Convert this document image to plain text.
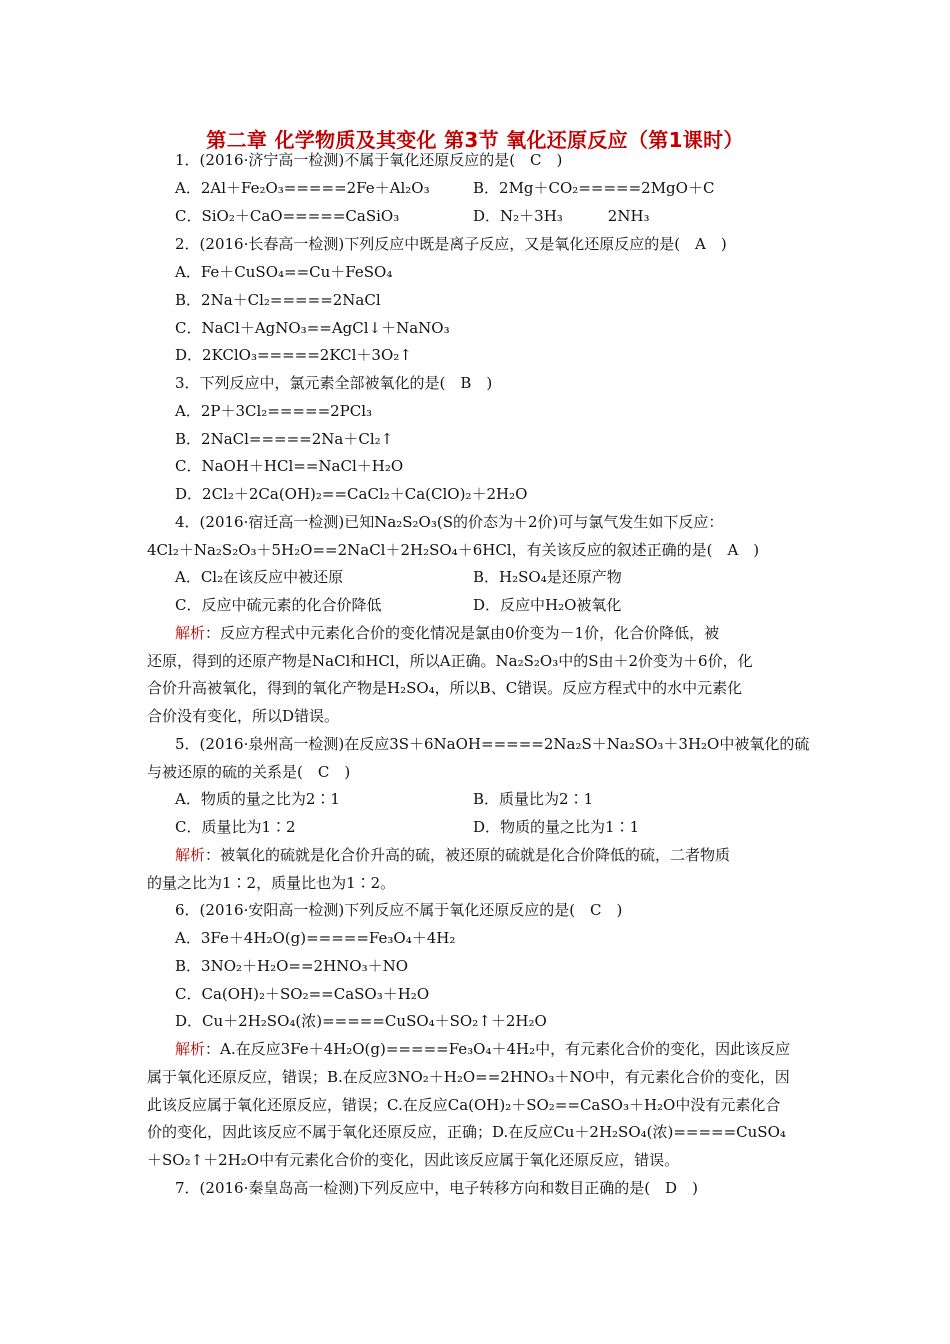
第二章 化学物质及其变化 第3节 氧化还原反应（第1课时）
1．(2016·济宁高一检测)不属于氧化还原反应的是(　C　)
A．2Al＋Fe₂O₃=====2Fe＋Al₂O₃	B．2Mg＋CO₂=====2MgO＋C
C．SiO₂＋CaO=====CaSiO₃	D．N₂＋3H₃　　　2NH₃
2．(2016·长春高一检测)下列反应中既是离子反应，又是氧化还原反应的是(　A　)
A．Fe＋CuSO₄==Cu＋FeSO₄
B．2Na＋Cl₂=====2NaCl
C．NaCl＋AgNO₃==AgCl↓＋NaNO₃
D．2KClO₃=====2KCl＋3O₂↑
3．下列反应中，氯元素全部被氧化的是(　B　)
A．2P＋3Cl₂=====2PCl₃
B．2NaCl=====2Na＋Cl₂↑
C．NaOH＋HCl==NaCl＋H₂O
D．2Cl₂＋2Ca(OH)₂==CaCl₂＋Ca(ClO)₂＋2H₂O
4．(2016·宿迁高一检测)已知Na₂S₂O₃(S的价态为＋2价)可与氯气发生如下反应：
4Cl₂＋Na₂S₂O₃＋5H₂O==2NaCl＋2H₂SO₄＋6HCl，有关该反应的叙述正确的是(　A　)
A．Cl₂在该反应中被还原	B．H₂SO₄是还原产物
C．反应中硫元素的化合价降低	D．反应中H₂O被氧化
解析：反应方程式中元素化合价的变化情况是氯由0价变为－1价，化合价降低，被
还原，得到的还原产物是NaCl和HCl，所以A正确。Na₂S₂O₃中的S由＋2价变为＋6价，化
合价升高被氧化，得到的氧化产物是H₂SO₄，所以B、C错误。反应方程式中的水中元素化
合价没有变化，所以D错误。
5．(2016·泉州高一检测)在反应3S＋6NaOH=====2Na₂S＋Na₂SO₃＋3H₂O中被氧化的硫
与被还原的硫的关系是(　C　)
A．物质的量之比为2∶1	B．质量比为2∶1
C．质量比为1∶2	D．物质的量之比为1∶1
解析：被氧化的硫就是化合价升高的硫，被还原的硫就是化合价降低的硫，二者物质
的量之比为1∶2，质量比也为1∶2。
6．(2016·安阳高一检测)下列反应不属于氧化还原反应的是(　C　)
A．3Fe＋4H₂O(g)=====Fe₃O₄＋4H₂
B．3NO₂＋H₂O==2HNO₃＋NO
C．Ca(OH)₂＋SO₂==CaSO₃＋H₂O
D．Cu＋2H₂SO₄(浓)=====CuSO₄＋SO₂↑＋2H₂O
解析：A.在反应3Fe＋4H₂O(g)=====Fe₃O₄＋4H₂中，有元素化合价的变化，因此该反应
属于氧化还原反应，错误；B.在反应3NO₂＋H₂O==2HNO₃＋NO中，有元素化合价的变化，因
此该反应属于氧化还原反应，错误；C.在反应Ca(OH)₂＋SO₂==CaSO₃＋H₂O中没有元素化合
价的变化，因此该反应不属于氧化还原反应，正确；D.在反应Cu＋2H₂SO₄(浓)=====CuSO₄
＋SO₂↑＋2H₂O中有元素化合价的变化，因此该反应属于氧化还原反应，错误。
7．(2016·秦皇岛高一检测)下列反应中，电子转移方向和数目正确的是(　D　)
